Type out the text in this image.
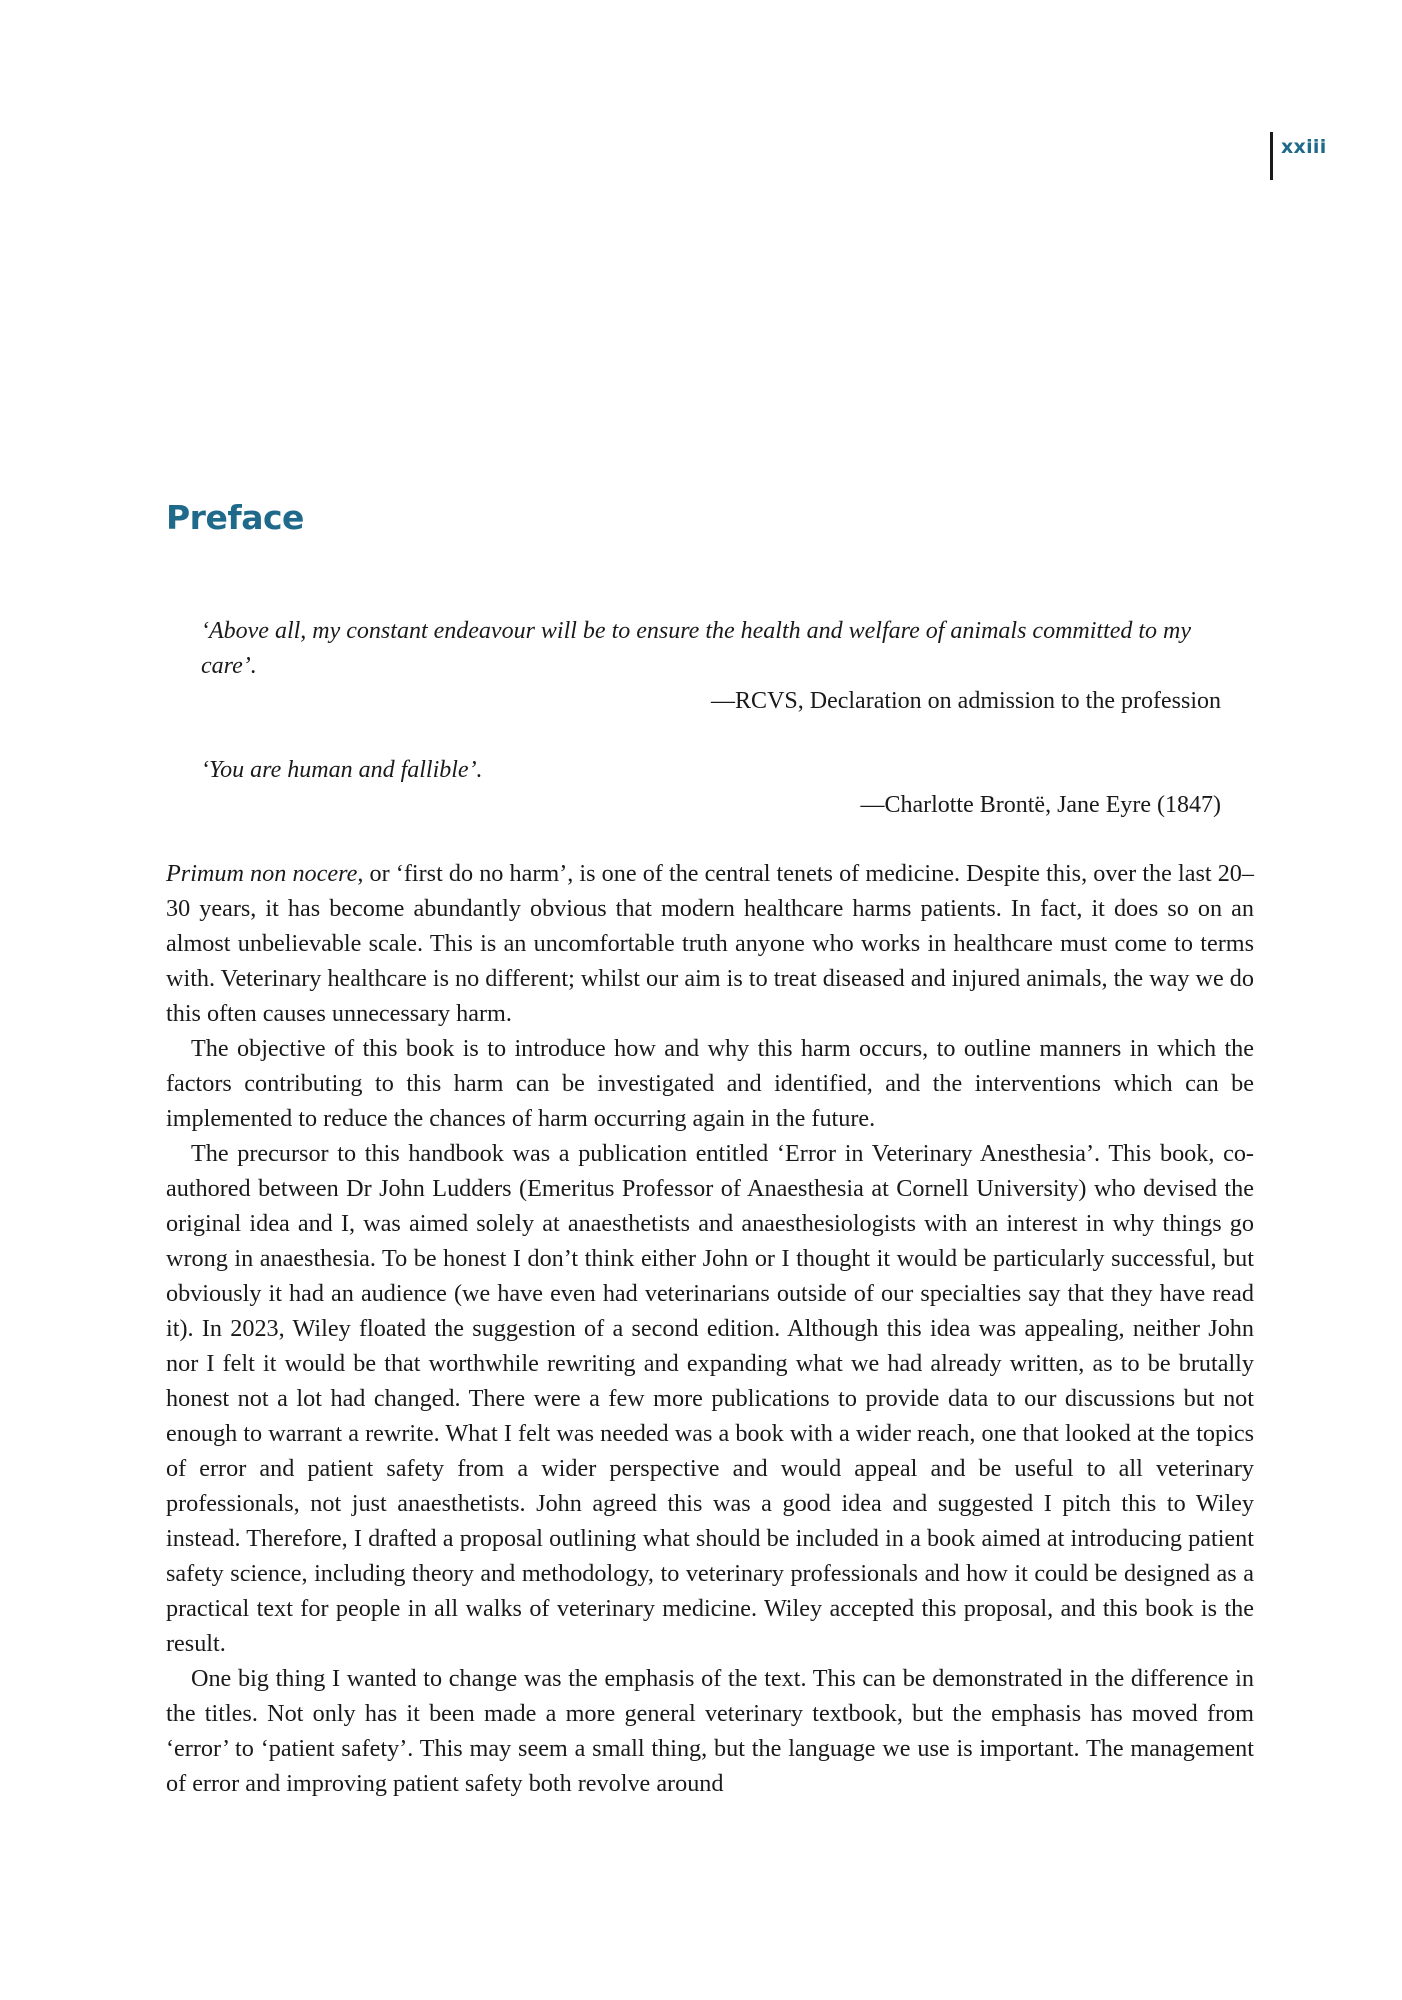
xxiii
Preface

‘Above all, my constant endeavour will be to ensure the health and welfare of animals committed to my care’.

—RCVS, Declaration on admission to the profession

‘You are human and fallible’.

—Charlotte Brontë, Jane Eyre (1847)

Primum non nocere, or ‘first do no harm’, is one of the central tenets of medicine. Despite this, over the last 20–30 years, it has become abundantly obvious that modern healthcare harms patients. In fact, it does so on an almost unbelievable scale. This is an uncomfortable truth anyone who works in healthcare must come to terms with. Veterinary healthcare is no different; whilst our aim is to treat diseased and injured animals, the way we do this often causes unnecessary harm.

The objective of this book is to introduce how and why this harm occurs, to outline manners in which the factors contributing to this harm can be investigated and identified, and the interventions which can be implemented to reduce the chances of harm occurring again in the future.

The precursor to this handbook was a publication entitled ‘Error in Veterinary Anesthesia’. This book, co-authored between Dr John Ludders (Emeritus Professor of Anaesthesia at Cornell University) who devised the original idea and I, was aimed solely at anaesthetists and anaesthesiologists with an interest in why things go wrong in anaesthesia. To be honest I don’t think either John or I thought it would be particularly successful, but obviously it had an audience (we have even had veterinarians outside of our specialties say that they have read it). In 2023, Wiley floated the suggestion of a second edition. Although this idea was appealing, neither John nor I felt it would be that worthwhile rewriting and expanding what we had already written, as to be brutally honest not a lot had changed. There were a few more publications to provide data to our discussions but not enough to warrant a rewrite. What I felt was needed was a book with a wider reach, one that looked at the topics of error and patient safety from a wider perspective and would appeal and be useful to all veterinary professionals, not just anaesthetists. John agreed this was a good idea and suggested I pitch this to Wiley instead. Therefore, I drafted a proposal outlining what should be included in a book aimed at introducing patient safety science, including theory and methodology, to veterinary professionals and how it could be designed as a practical text for people in all walks of veterinary medicine. Wiley accepted this proposal, and this book is the result.

One big thing I wanted to change was the emphasis of the text. This can be demonstrated in the difference in the titles. Not only has it been made a more general veterinary textbook, but the emphasis has moved from ‘error’ to ‘patient safety’. This may seem a small thing, but the language we use is important. The management of error and improving patient safety both revolve around
